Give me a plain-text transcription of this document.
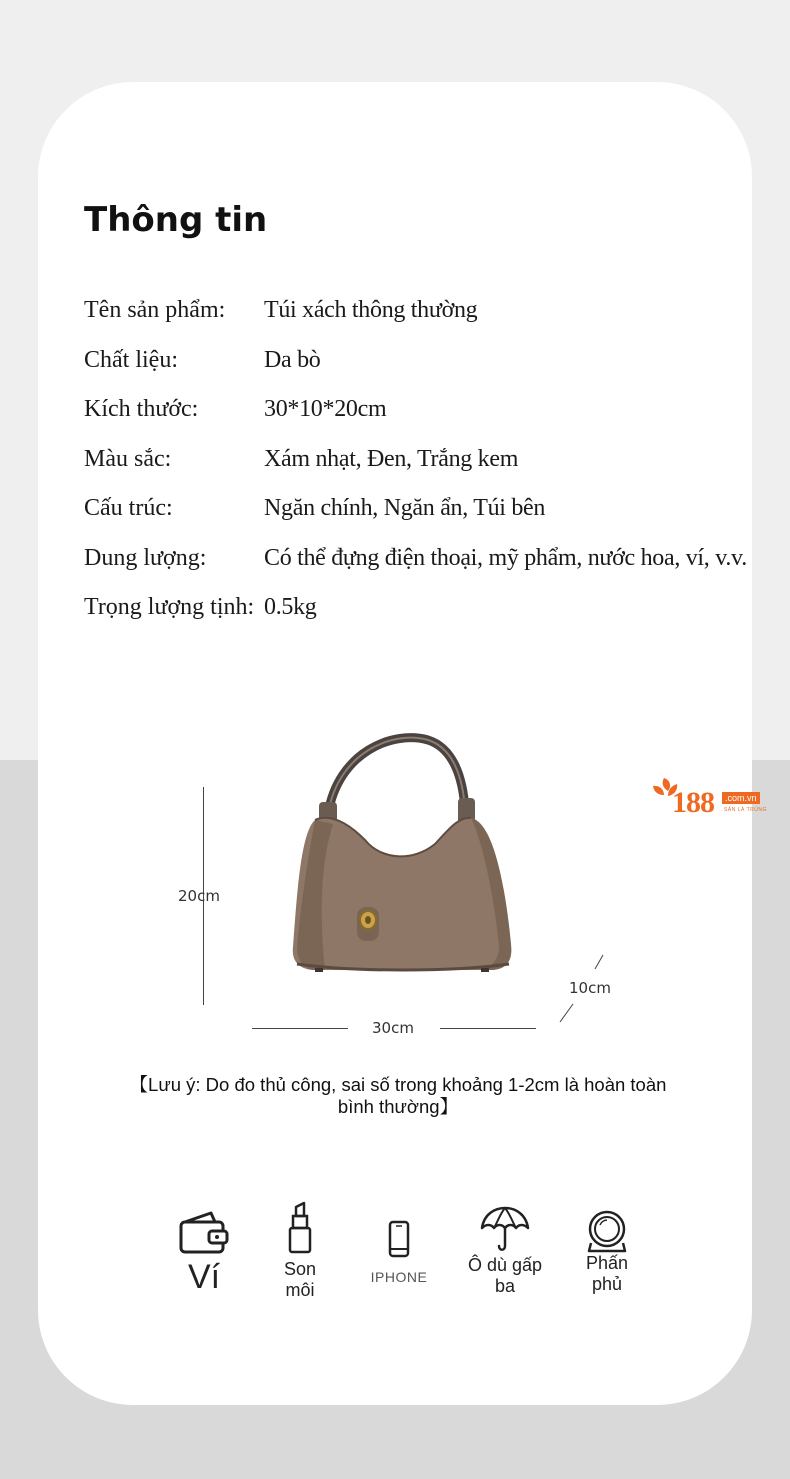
Thông tin
Tên sản phẩm: Túi xách thông thường
Chất liệu:	Da bò
Kích thước:	30*10*20cm
Màu sắc:	Xám nhạt, Đen, Trắng kem
Cấu trúc:	Ngăn chính, Ngăn ẩn, Túi bên
Dung lượng: Có thể đựng điện thoại, mỹ phẩm, nước hoa, ví, v.v.
Trọng lượng tịnh: 0.5kg
20cm
30cm
10cm
188	.com.vn
SĂN LÀ TRÚNG
【Lưu ý: Do đo thủ công, sai số trong khoảng 1-2cm là hoàn toàn bình thường】
Ví	Son môi
IPHONE
Ô dù gấp ba
Phấn phủ
